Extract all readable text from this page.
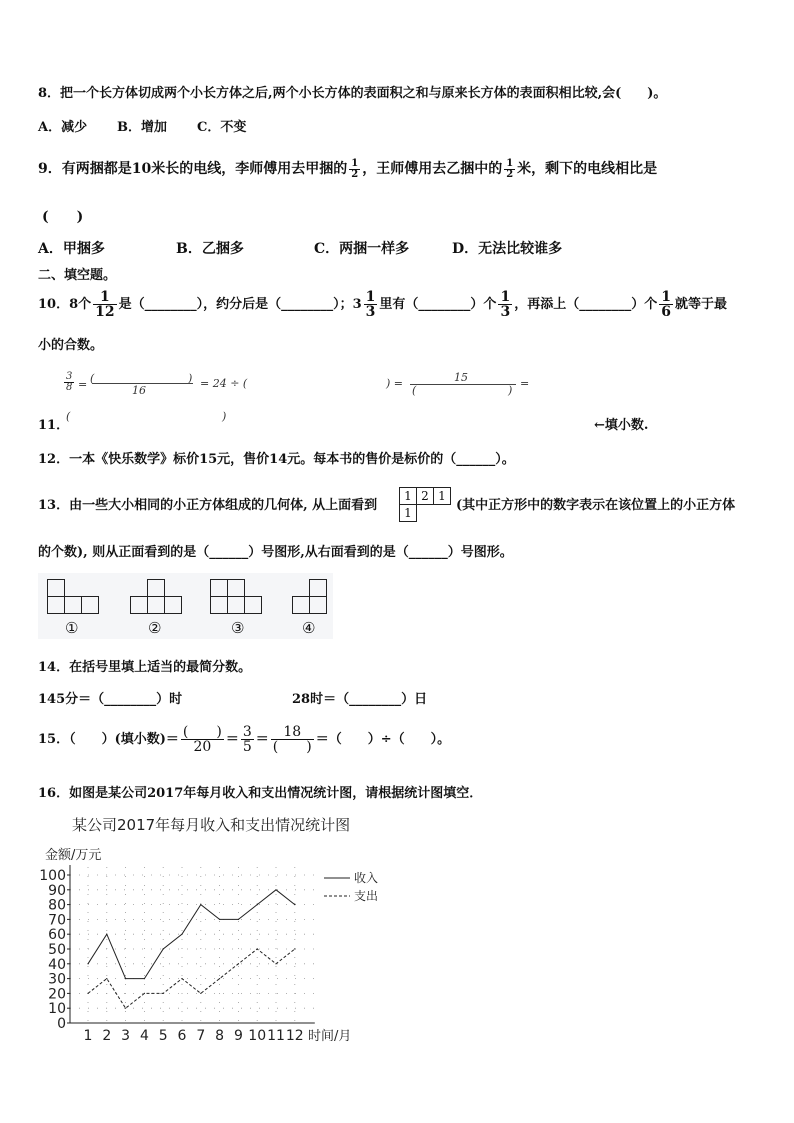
8．把一个长方体切成两个小长方体之后,两个小长方体的表面积之和与原来长方体的表面积相比较,会(　　)。
A．减少 B．增加 C．不变
9．有两捆都是10米长的电线，李师傅用去甲捆的 $\frac{1}{2}$ ，王师傅用去乙捆中的 $\frac{1}{2}$ 米，剩下的电线相比是
(　　)
A．甲捆多	B．乙捆多	C．两捆一样多	D．无法比较谁多
二、填空题。
10．8个 $\frac{1}{12}$ 是（________），约分后是（________）；$3 \frac{1}{3}$ 里有（________）个 $\frac{1}{3}$ ，再添上（________）个 $\frac{1}{6}$ 就等于最
小的合数。
$\frac{3}{8}$ = (	)
16
= 24 ÷ (	) =	15
(	)
=
11．
(	)
←填小数.
12．一本《快乐数学》标价15元，售价14元。每本书的售价是标价的（______）。
13．由一些大小相同的小正方体组成的几何体, 从上面看到
1 2 1
1	(其中正方形中的数字表示在该位置上的小正方体
的个数), 则从正面看到的是（______）号图形,从右面看到的是（______）号图形。
①	②	③	④
14．在括号里填上适当的最简分数。
145分＝（________）时	28时＝（________）日
15．（　　）(填小数)＝ $\frac{( )}{20} = \frac{3}{5} = \frac{18}{( )}$ ＝（　　）÷（　　）。
16．如图是某公司2017年每月收入和支出情况统计图，请根据统计图填空．
某公司2017年每月收入和支出情况统计图
金额/万元
时间/月
0
10
20
30
40
50
60
70
80
90
100
1 2 3 4 5 6 7 8 9 10 11 12
收入
支出
